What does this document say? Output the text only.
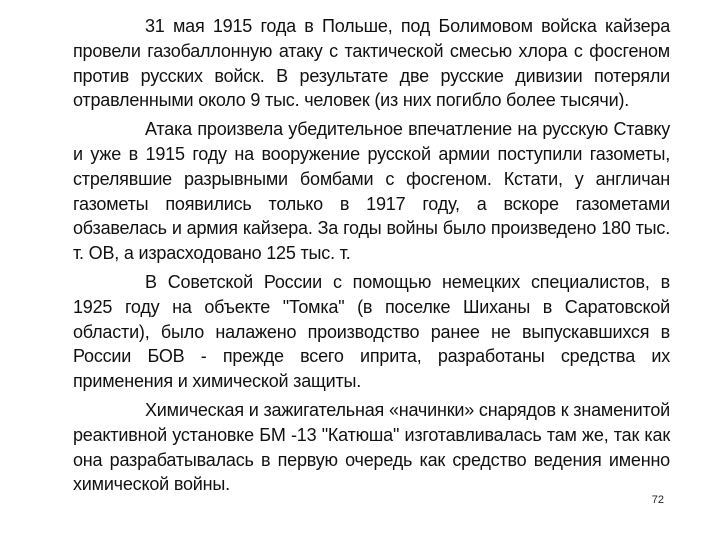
31 мая 1915 года в Польше, под Болимовом войска кайзера провели газобаллонную атаку с тактической смесью хлора с фосгеном против русских войск. В результате две русские дивизии потеряли отравленными около 9 тыс. человек (из них погибло более тысячи).

Атака произвела убедительное впечатление на русскую Ставку и уже в 1915 году на вооружение русской армии поступили газометы, стрелявшие разрывными бомбами с фосгеном. Кстати, у англичан газометы появились только в 1917 году, а вскоре газометами обзавелась и армия кайзера. За годы войны было произведено 180 тыс. т. ОВ, а израсходовано 125 тыс. т.

В Советской России с помощью немецких специалистов, в 1925 году на объекте "Томка" (в поселке Шиханы в Саратовской области), было налажено производство ранее не выпускавшихся в России БОВ - прежде всего иприта, разработаны средства их применения и химической защиты.

Химическая и зажигательная «начинки» снарядов к знаменитой реактивной установке БМ -13 "Катюша" изготавливалась там же, так как она разрабатывалась в первую очередь как средство ведения именно химической войны.

72
